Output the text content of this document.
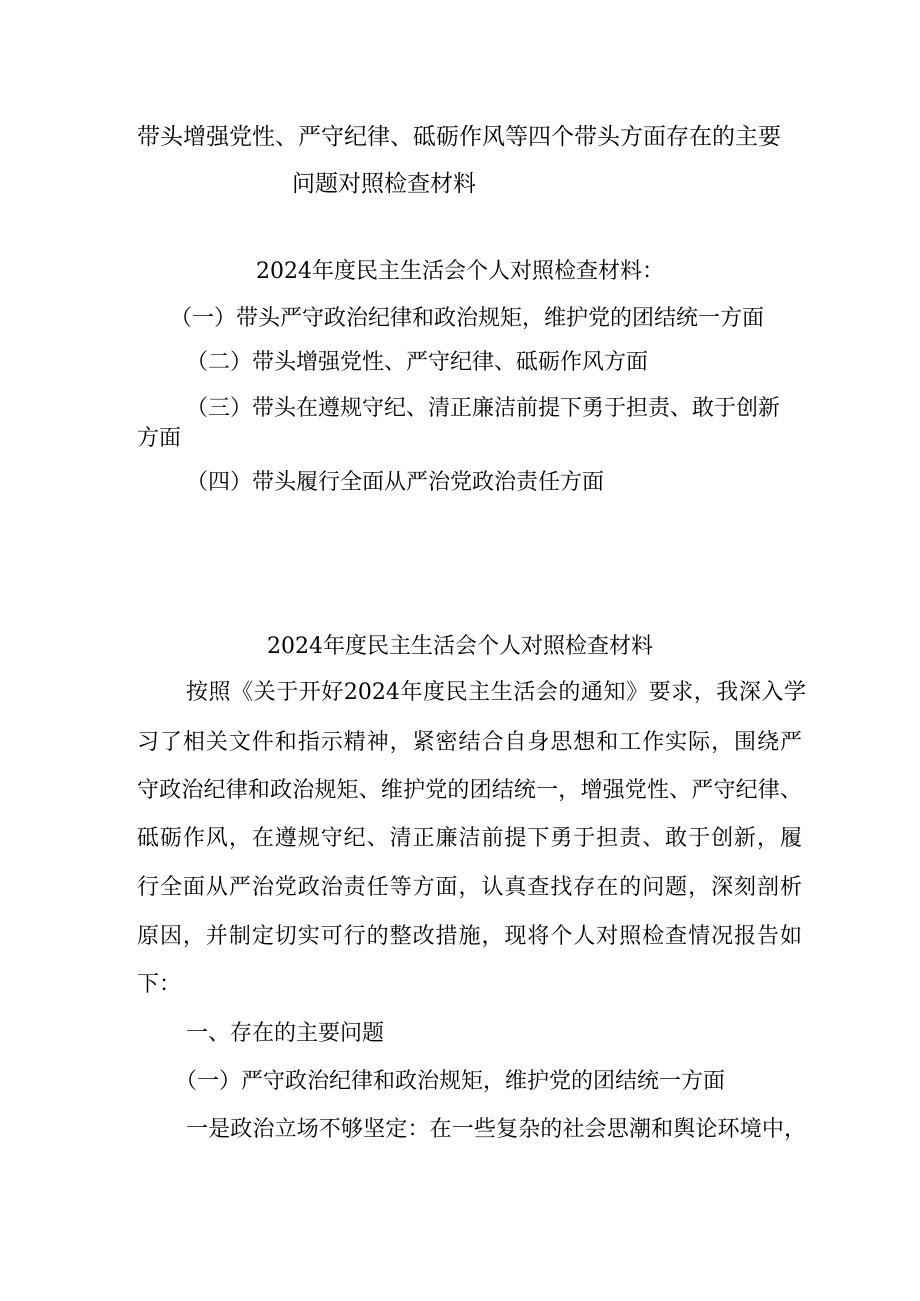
带头增强党性、严守纪律、砥砺作风等四个带头方面存在的主要
问题对照检查材料
2024年度民主生活会个人对照检查材料：
（一）带头严守政治纪律和政治规矩，维护党的团结统一方面
（二）带头增强党性、严守纪律、砥砺作风方面
（三）带头在遵规守纪、清正廉洁前提下勇于担责、敢于创新
方面
（四）带头履行全面从严治党政治责任方面
2024年度民主生活会个人对照检查材料
按照《关于开好2024年度民主生活会的通知》要求，我深入学
习了相关文件和指示精神，紧密结合自身思想和工作实际，围绕严
守政治纪律和政治规矩、维护党的团结统一，增强党性、严守纪律、
砥砺作风，在遵规守纪、清正廉洁前提下勇于担责、敢于创新，履
行全面从严治党政治责任等方面，认真查找存在的问题，深刻剖析
原因，并制定切实可行的整改措施，现将个人对照检查情况报告如
下：
一、存在的主要问题
（一）严守政治纪律和政治规矩，维护党的团结统一方面
一是政治立场不够坚定：在一些复杂的社会思潮和舆论环境中，
